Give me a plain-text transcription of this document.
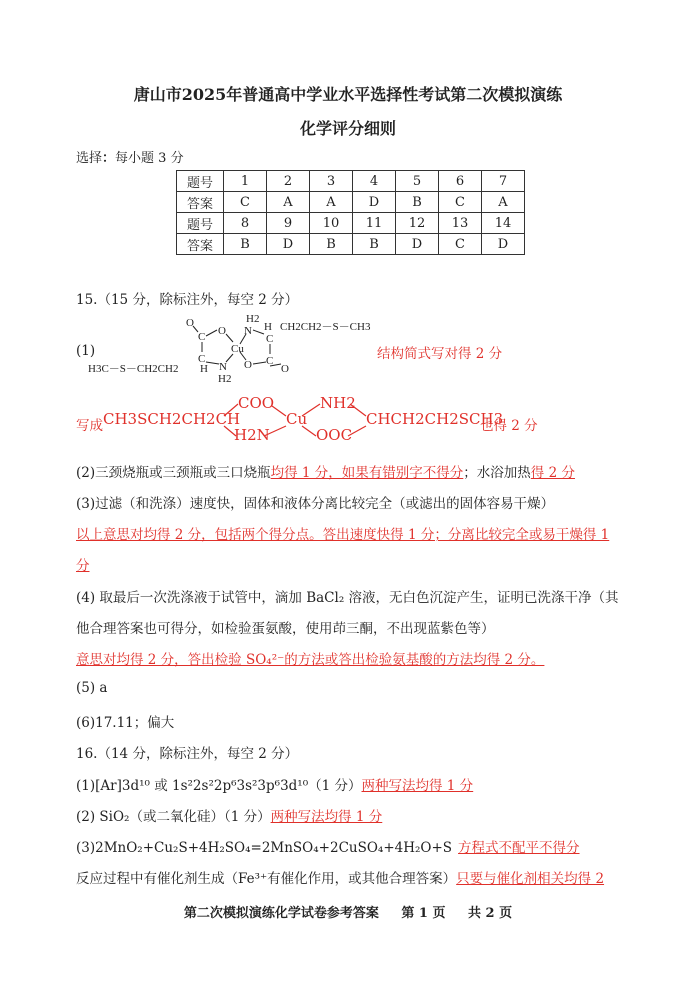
唐山市2025年普通高中学业水平选择性考试第二次模拟演练
化学评分细则
选择：每小题 3 分
题号	1	2	3	4	5	6	7
答案	C	A	A	D	B	C	A
题号	8	9	10	11	12	13	14
答案	B	D	B	B	D	C	D
15.（15 分，除标注外，每空 2 分）
(1)
O	H2
O N H CH2CH2－S－CH3
C	C
Cu
C	C
O
N
H	O
H3C－S－CH2CH2
H2
结构简式写对得 2 分
写成 CH3SCH2CH2CH
COO
H2N
Cu
NH2
OOC
CHCH2CH2SCH3
也得 2 分
(2)三颈烧瓶或三颈瓶或三口烧瓶均得 1 分，如果有错别字不得分；水浴加热得 2 分
(3)过滤（和洗涤）速度快，固体和液体分离比较完全（或滤出的固体容易干燥）
以上意思对均得 2 分，包括两个得分点。答出速度快得 1 分；分离比较完全或易干燥得 1
分
(4) 取最后一次洗涤液于试管中，滴加 BaCl₂ 溶液，无白色沉淀产生，证明已洗涤干净（其
他合理答案也可得分，如检验蛋氨酸，使用茚三酮，不出现蓝紫色等）
意思对均得 2 分，答出检验 SO₄²⁻的方法或答出检验氨基酸的方法均得 2 分。
(5) a
(6)17.11；偏大
16.（14 分，除标注外，每空 2 分）
(1)[Ar]3d¹⁰ 或 1s²2s²2p⁶3s²3p⁶3d¹⁰（1 分）两种写法均得 1 分
(2) SiO₂（或二氧化硅）（1 分）两种写法均得 1 分
(3)2MnO₂+Cu₂S+4H₂SO₄=2MnSO₄+2CuSO₄+4H₂O+S 方程式不配平不得分
反应过程中有催化剂生成（Fe³⁺有催化作用，或其他合理答案）只要与催化剂相关均得 2
第二次模拟演练化学试卷参考答案 第 1 页 共 2 页
